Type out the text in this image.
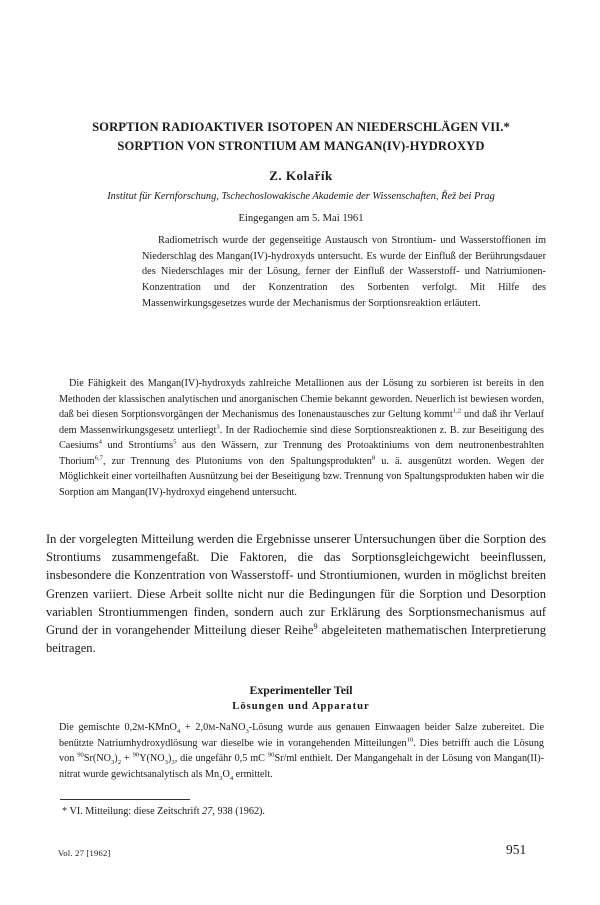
SORPTION RADIOAKTIVER ISOTOPEN AN NIEDERSCHLÄGEN VII.*
SORPTION VON STRONTIUM AM MANGAN(IV)-HYDROXYD

Z. Kolařík

Institut für Kernforschung, Tschechoslowakische Akademie der Wissenschaften, Řež bei Prag

Eingegangen am 5. Mai 1961

Radiometrisch wurde der gegenseitige Austausch von Strontium- und Wasserstoffionen im Niederschlag des Mangan(IV)-hydroxyds untersucht. Es wurde der Einfluß der Berührungsdauer des Niederschlages mir der Lösung, ferner der Einfluß der Wasserstoff- und Natriumionen-Konzentration und der Konzentration des Sorbenten verfolgt. Mit Hilfe des Massenwirkungsgesetzes wurde der Mechanismus der Sorptionsreaktion erläutert.

Die Fähigkeit des Mangan(IV)-hydroxyds zahlreiche Metallionen aus der Lösung zu sorbieren ist bereits in den Methoden der klassischen analytischen und anorganischen Chemie bekannt geworden. Neuerlich ist bewiesen worden, daß bei diesen Sorptionsvorgängen der Mechanismus des Ionenaustausches zur Geltung kommt$^{1,2}$ und daß ihr Verlauf dem Massenwirkungsgesetz unterliegt$^3$. In der Radiochemie sind diese Sorptionsreaktionen z. B. zur Beseitigung des Caesiums$^4$ und Strontiums$^5$ aus den Wässern, zur Trennung des Protoaktiniums von dem neutronenbestrahlten Thorium$^{6,7}$, zur Trennung des Plutoniums von den Spaltungsprodukten$^8$ u. ä. ausgenützt worden. Wegen der Möglichkeit einer vorteilhaften Ausnützung bei der Beseitigung bzw. Trennung von Spaltungsprodukten haben wir die Sorption am Mangan(IV)-hydroxyd eingehend untersucht.

In der vorgelegten Mitteilung werden die Ergebnisse unserer Untersuchungen über die Sorption des Strontiums zusammengefaßt. Die Faktoren, die das Sorptionsgleichgewicht beeinflussen, insbesondere die Konzentration von Wasserstoff- und Strontiumionen, wurden in möglichst breiten Grenzen variiert. Diese Arbeit sollte nicht nur die Bedingungen für die Sorption und Desorption variablen Strontiummengen finden, sondern auch zur Erklärung des Sorptionsmechanismus auf Grund der in vorangehender Mitteilung dieser Reihe$^9$ abgeleiteten mathematischen Interpretierung beitragen.

Experimenteller Teil
Lösungen und Apparatur

Die gemischte 0,2M-KMnO$_4$ + 2,0M-NaNO$_3$-Lösung wurde aus genauen Einwaagen beider Salze zubereitet. Die benützte Natriumhydroxydlösung war dieselbe wie in vorangehenden Mitteilungen$^{10}$. Dies betrifft auch die Lösung von $^{90}Sr(NO_3)_2 + ^{90}Y(NO_3)_3$, die ungefähr 0,5 mC $^{90}$Sr/ml enthielt. Der Mangangehalt in der Lösung von Mangan(II)-nitrat wurde gewichtsanalytisch als $Mn_3O_4$ ermittelt.

* VI. Mitteilung: diese Zeitschrift 27, 938 (1962).

Vol. 27 [1962]	951
